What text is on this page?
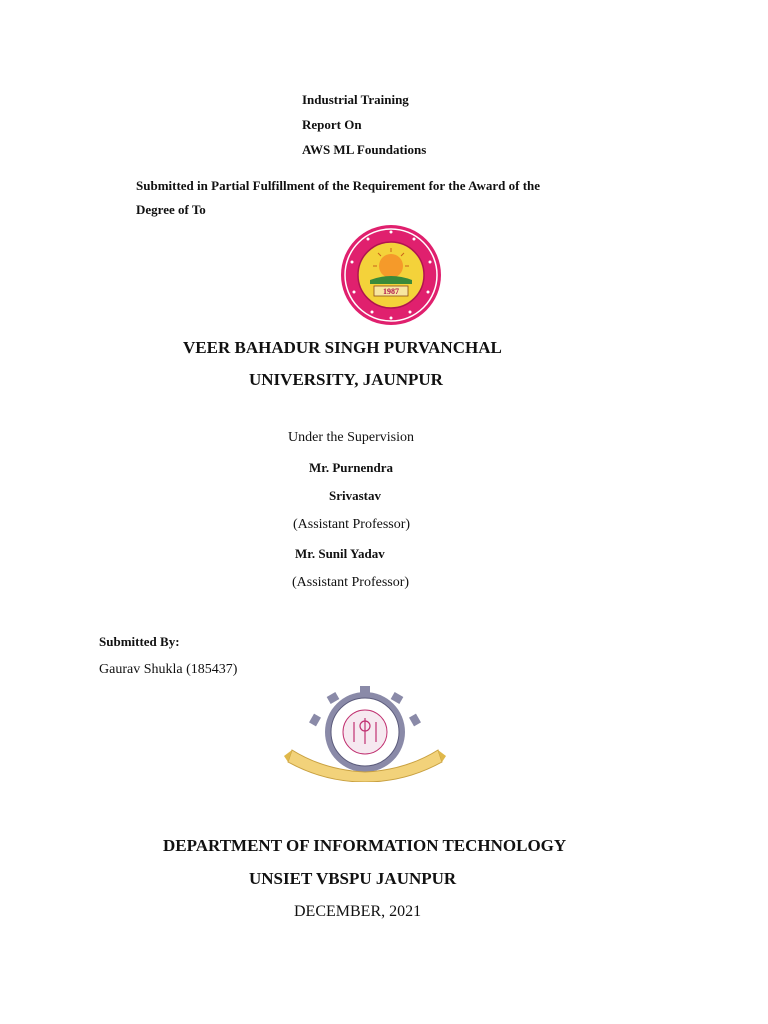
Industrial Training
Report On
AWS ML Foundations
Submitted in Partial Fulfillment of the Requirement for the Award of the
Degree of To
1987
VEER BAHADUR SINGH PURVANCHAL
UNIVERSITY, JAUNPUR
Under the Supervision
Mr. Purnendra
Srivastav
(Assistant Professor)
Mr. Sunil Yadav
(Assistant Professor)
Submitted By:
Gaurav Shukla (185437)
DEPARTMENT OF INFORMATION TECHNOLOGY
UNSIET VBSPU JAUNPUR
DECEMBER, 2021
